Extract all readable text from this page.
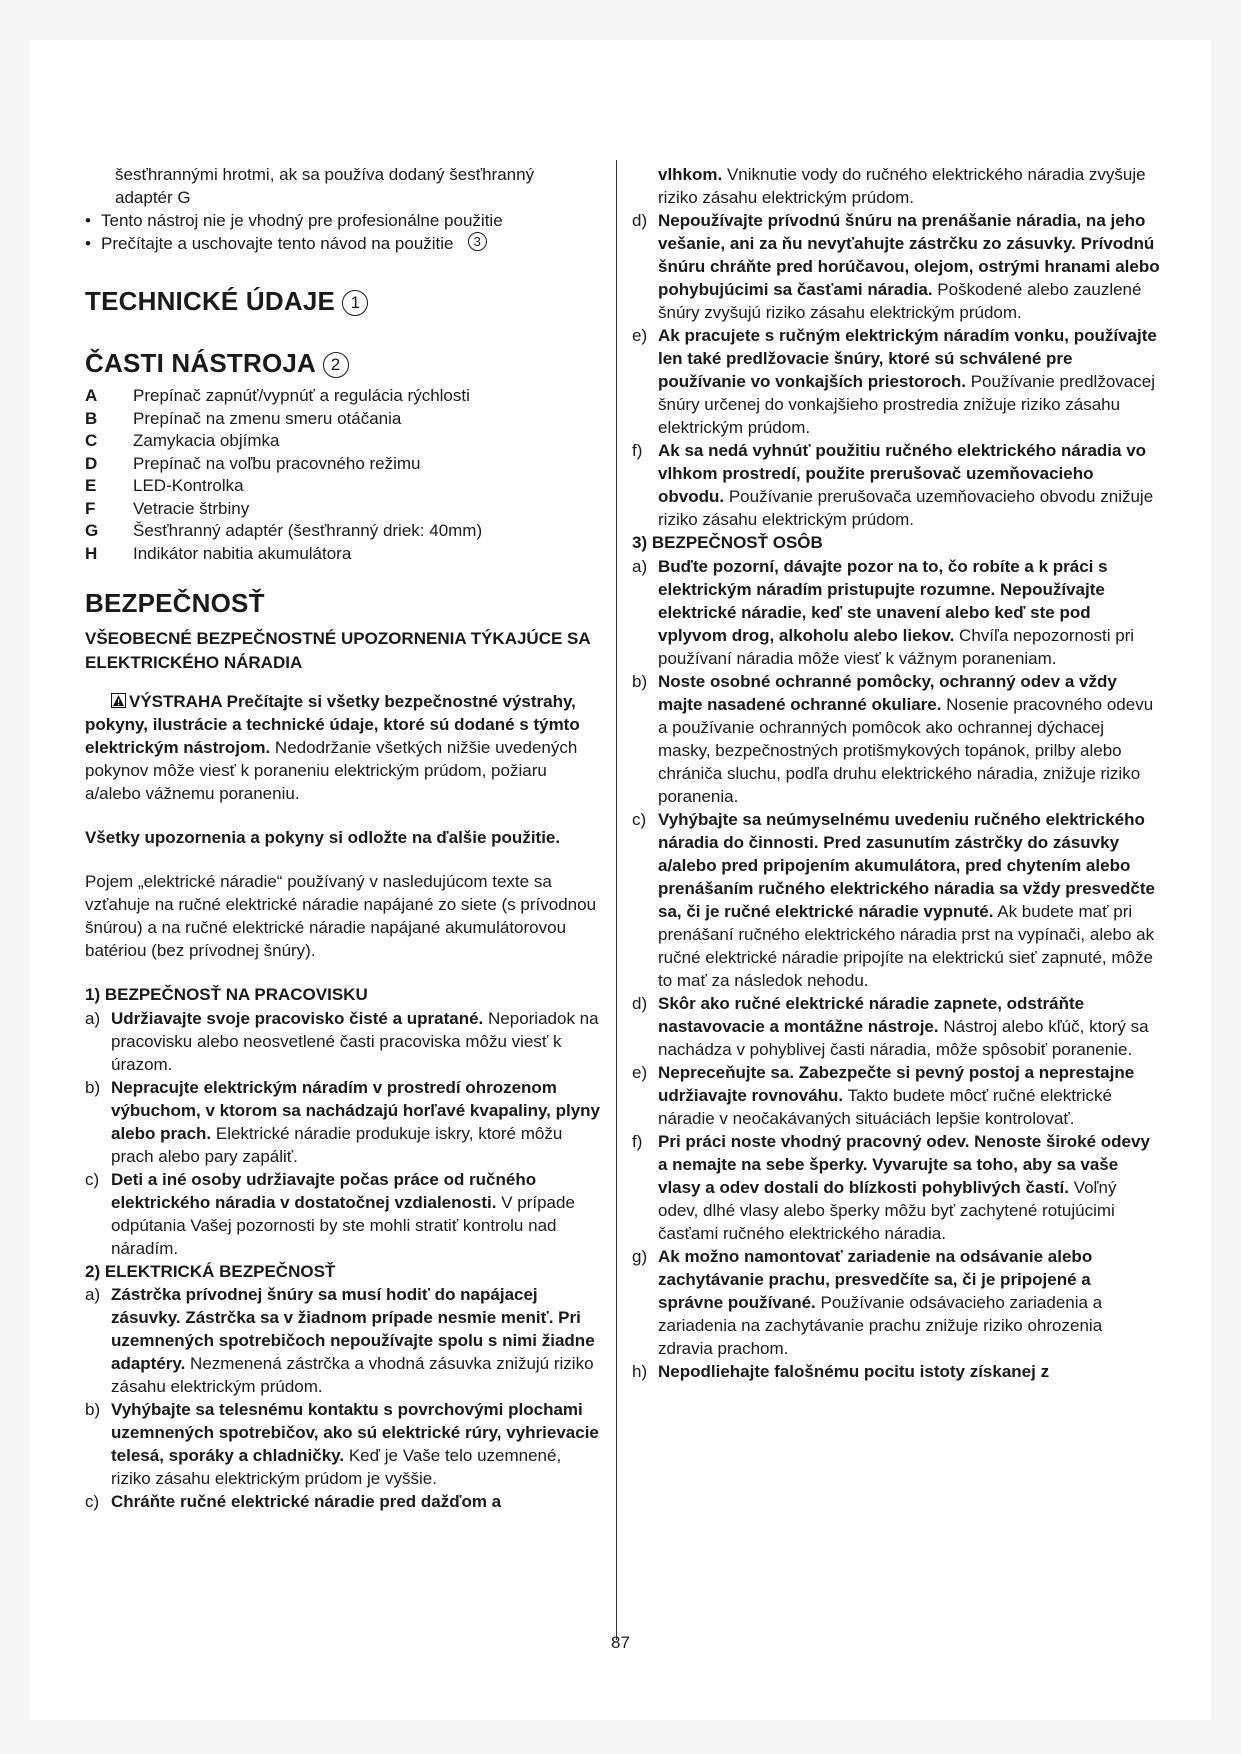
šesťhrannými hrotmi, ak sa používa dodaný šesťhranný

adaptér G

• Tento nástroj nie je vhodný pre profesionálne použitie
• Prečítajte a uschovajte tento návod na použitie
	3
TECHNICKÉ ÚDAJE 1
ČASTI NÁSTROJA 2
A	Prepínač zapnúť/vypnúť a regulácia rýchlosti
B	Prepínač na zmenu smeru otáčania
C	Zamykacia objímka
D	Prepínač na voľbu pracovného režimu
E	LED-Kontrolka
F	Vetracie štrbiny
G	Šesťhranný adaptér (šesťhranný driek: 40mm)
H	Indikátor nabitia akumulátora
BEZPEČNOSŤ
VŠEOBECNÉ BEZPEČNOSTNÉ UPOZORNENIA TÝKAJÚCE SA ELEKTRICKÉHO NÁRADIA

VÝSTRAHA Prečítajte si všetky bezpečnostné výstrahy, pokyny, ilustrácie a technické údaje, ktoré sú dodané s týmto elektrickým nástrojom. Nedodržanie všetkých nižšie uvedených pokynov môže viesť k poraneniu elektrickým prúdom, požiaru a/alebo vážnemu poraneniu.

Všetky upozornenia a pokyny si odložte na ďalšie použitie.

Pojem „elektrické náradie“ používaný v nasledujúcom texte sa vzťahuje na ručné elektrické náradie napájané zo siete (s prívodnou šnúrou) a na ručné elektrické náradie napájané akumulátorovou batériou (bez prívodnej šnúry).

1) BEZPEČNOSŤ NA PRACOVISKU
a) Udržiavajte svoje pracovisko čisté a upratané. Neporiadok na pracovisku alebo neosvetlené časti pracoviska môžu viesť k úrazom.
b) Nepracujte elektrickým náradím v prostredí ohrozenom výbuchom, v ktorom sa nachádzajú horľavé kvapaliny, plyny alebo prach. Elektrické náradie produkuje iskry, ktoré môžu prach alebo pary zapáliť.
c) Deti a iné osoby udržiavajte počas práce od ručného elektrického náradia v dostatočnej vzdialenosti. V prípade odpútania Vašej pozornosti by ste mohli stratiť kontrolu nad náradím.
2) ELEKTRICKÁ BEZPEČNOSŤ
a) Zástrčka prívodnej šnúry sa musí hodiť do napájacej zásuvky. Zástrčka sa v žiadnom prípade nesmie meniť. Pri uzemnených spotrebičoch nepoužívajte spolu s nimi žiadne adaptéry. Nezmenená zástrčka a vhodná zásuvka znižujú riziko zásahu elektrickým prúdom.
b) Vyhýbajte sa telesnému kontaktu s povrchovými plochami uzemnených spotrebičov, ako sú elektrické rúry, vyhrievacie telesá, sporáky a chladničky. Keď je Vaše telo uzemnené, riziko zásahu elektrickým prúdom je vyššie.
c) Chráňte ručné elektrické náradie pred dažďom a
vlhkom. Vniknutie vody do ručného elektrického náradia zvyšuje riziko zásahu elektrickým prúdom.
d) Nepoužívajte prívodnú šnúru na prenášanie náradia, na jeho vešanie, ani za ňu nevyťahujte zástrčku zo zásuvky. Prívodnú šnúru chráňte pred horúčavou, olejom, ostrými hranami alebo pohybujúcimi sa časťami náradia. Poškodené alebo zauzlené šnúry zvyšujú riziko zásahu elektrickým prúdom.
e) Ak pracujete s ručným elektrickým náradím vonku, používajte len také predlžovacie šnúry, ktoré sú schválené pre používanie vo vonkajších priestoroch. Používanie predlžovacej šnúry určenej do vonkajšieho prostredia znižuje riziko zásahu elektrickým prúdom.
f) Ak sa nedá vyhnúť použitiu ručného elektrického náradia vo vlhkom prostredí, použite prerušovač uzemňovacieho obvodu. Používanie prerušovača uzemňovacieho obvodu znižuje riziko zásahu elektrickým prúdom.
3) BEZPEČNOSŤ OSÔB
a) Buďte pozorní, dávajte pozor na to, čo robíte a k práci s elektrickým náradím pristupujte rozumne. Nepoužívajte elektrické náradie, keď ste unavení alebo keď ste pod vplyvom drog, alkoholu alebo liekov. Chvíľa nepozornosti pri používaní náradia môže viesť k vážnym poraneniam.
b) Noste osobné ochranné pomôcky, ochranný odev a vždy majte nasadené ochranné okuliare. Nosenie pracovného odevu a používanie ochranných pomôcok ako ochrannej dýchacej masky, bezpečnostných protišmykových topánok, prilby alebo chrániča sluchu, podľa druhu elektrického náradia, znižuje riziko poranenia.
c) Vyhýbajte sa neúmyselnému uvedeniu ručného elektrického náradia do činnosti. Pred zasunutím zástrčky do zásuvky a/alebo pred pripojením akumulátora, pred chytením alebo prenášaním ručného elektrického náradia sa vždy presvedčte sa, či je ručné elektrické náradie vypnuté. Ak budete mať pri prenášaní ručného elektrického náradia prst na vypínači, alebo ak ručné elektrické náradie pripojíte na elektrickú sieť zapnuté, môže to mať za následok nehodu.
d) Skôr ako ručné elektrické náradie zapnete, odstráňte nastavovacie a montážne nástroje. Nástroj alebo kľúč, ktorý sa nachádza v pohyblivej časti náradia, môže spôsobiť poranenie.
e) Nepreceňujte sa. Zabezpečte si pevný postoj a neprestajne udržiavajte rovnováhu. Takto budete môcť ručné elektrické náradie v neočakávaných situáciách lepšie kontrolovať.
f) Pri práci noste vhodný pracovný odev. Nenoste široké odevy a nemajte na sebe šperky. Vyvarujte sa toho, aby sa vaše vlasy a odev dostali do blízkosti pohyblivých častí. Voľný odev, dlhé vlasy alebo šperky môžu byť zachytené rotujúcimi časťami ručného elektrického náradia.
g) Ak možno namontovať zariadenie na odsávanie alebo zachytávanie prachu, presvedčíte sa, či je pripojené a správne používané. Používanie odsávacieho zariadenia a zariadenia na zachytávanie prachu znižuje riziko ohrozenia zdravia prachom.
h) Nepodliehajte falošnému pocitu istoty získanej z
87
